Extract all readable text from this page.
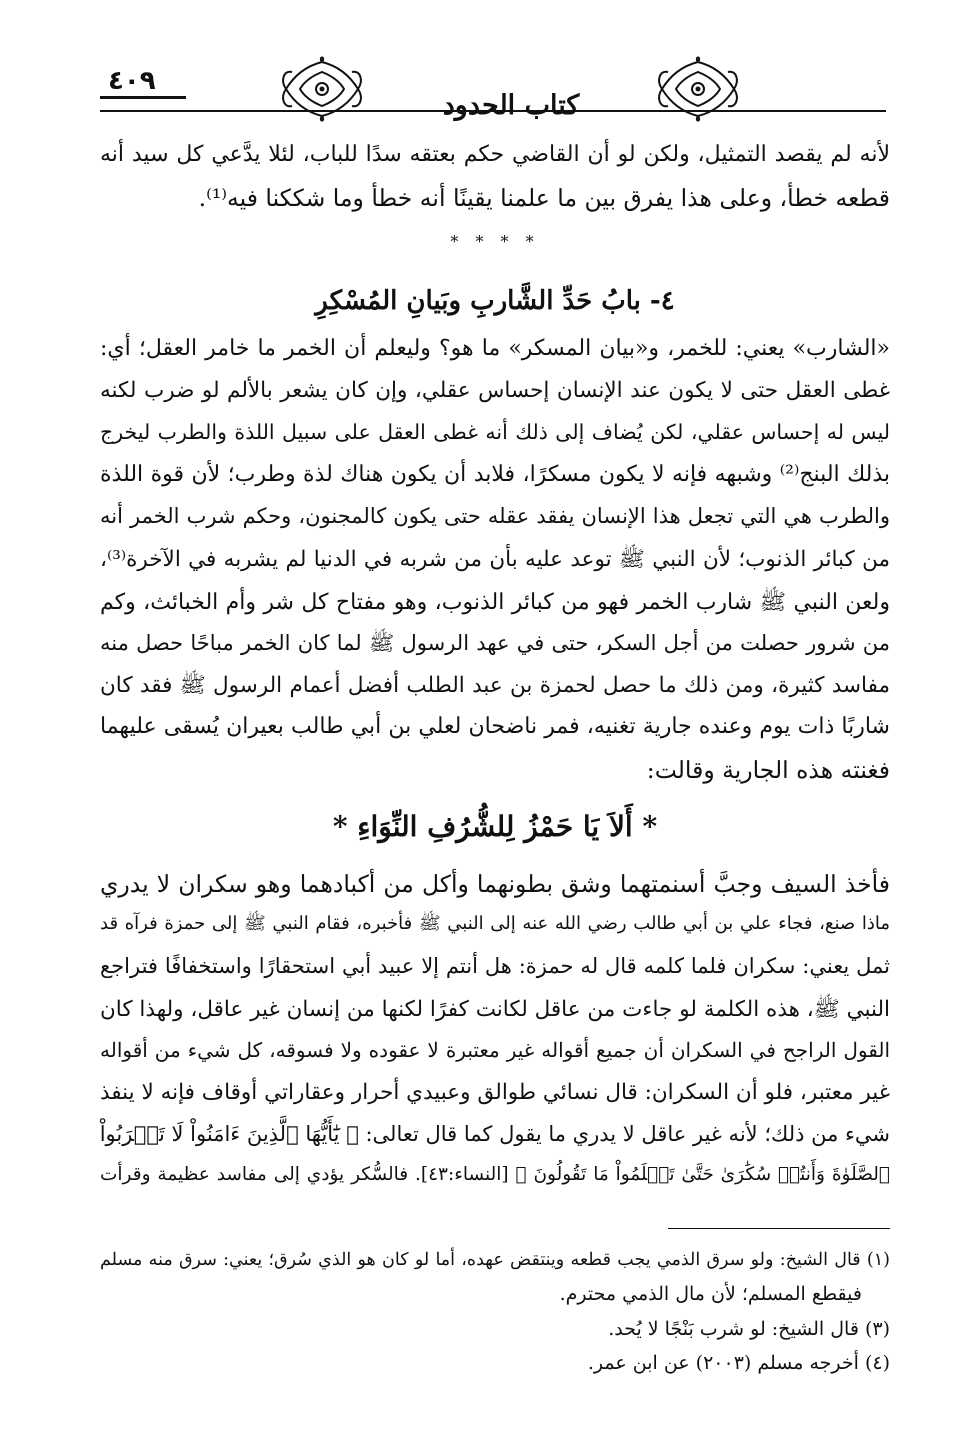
٤٠٩
كتاب الحدود
لأنه لم يقصد التمثيل، ولكن لو أن القاضي حكم بعتقه سدًا للباب، لئلا يدَّعي كل سيد أنه
قطعه خطأ، وعلى هذا يفرق بين ما علمنا يقينًا أنه خطأ وما شككنا فيه⁽¹⁾.
* * * *
٤- بابُ حَدِّ الشَّاربِ وبَيانِ المُسْكِرِ
«الشارب» يعني: للخمر، و«بيان المسكر» ما هو؟ وليعلم أن الخمر ما خامر العقل؛ أي:
غطى العقل حتى لا يكون عند الإنسان إحساس عقلي، وإن كان يشعر بالألم لو ضرب لكنه
ليس له إحساس عقلي، لكن يُضاف إلى ذلك أنه غطى العقل على سبيل اللذة والطرب ليخرج
بذلك البنج⁽²⁾ وشبهه فإنه لا يكون مسكرًا، فلابد أن يكون هناك لذة وطرب؛ لأن قوة اللذة
والطرب هي التي تجعل هذا الإنسان يفقد عقله حتى يكون كالمجنون، وحكم شرب الخمر أنه
من كبائر الذنوب؛ لأن النبي ﷺ توعد عليه بأن من شربه في الدنيا لم يشربه في الآخرة⁽³⁾،
ولعن النبي ﷺ شارب الخمر فهو من كبائر الذنوب، وهو مفتاح كل شر وأم الخبائث، وكم
من شرور حصلت من أجل السكر، حتى في عهد الرسول ﷺ لما كان الخمر مباحًا حصل منه
مفاسد كثيرة، ومن ذلك ما حصل لحمزة بن عبد الطلب أفضل أعمام الرسول ﷺ فقد كان
شاربًا ذات يوم وعنده جارية تغنيه، فمر ناضحان لعلي بن أبي طالب بعيران يُسقى عليهما
فغنته هذه الجارية وقالت:
* أَلاَ يَا حَمْزُ لِلشُّرُفِ النِّوَاءِ *
فأخذ السيف وجبَّ أسنمتهما وشق بطونهما وأكل من أكبادهما وهو سكران لا يدري
ماذا صنع، فجاء علي بن أبي طالب رضي الله عنه إلى النبي ﷺ فأخبره، فقام النبي ﷺ إلى حمزة فرآه قد
ثمل يعني: سكران فلما كلمه قال له حمزة: هل أنتم إلا عبيد أبي استحقارًا واستخفافًا فتراجع
النبي ﷺ، هذه الكلمة لو جاءت من عاقل لكانت كفرًا لكنها من إنسان غير عاقل، ولهذا كان
القول الراجح في السكران أن جميع أقواله غير معتبرة لا عقوده ولا فسوقه، كل شيء من أقواله
غير معتبر، فلو أن السكران: قال نسائي طوالق وعبيدي أحرار وعقاراتي أوقاف فإنه لا ينفذ
شيء من ذلك؛ لأنه غير عاقل لا يدري ما يقول كما قال تعالى: ﴿ يَٰٓأَيُّهَا ٱلَّذِينَ ءَامَنُواْ لَا تَقۡرَبُواْ
ٱلصَّلَوٰةَ وَأَنتُمۡ سُكَٰرَىٰ حَتَّىٰ تَعۡلَمُواْ مَا تَقُولُونَ ﴾ [النساء:٤٣]. فالسُّكر يؤدي إلى مفاسد عظيمة وقرأت
(١) قال الشيخ: ولو سرق الذمي يجب قطعه وينتقض عهده، أما لو كان هو الذي سُرق؛ يعني: سرق منه مسلم
فيقطع المسلم؛ لأن مال الذمي محترم.
(٣) قال الشيخ: لو شرب بَنْجًا لا يُحد.
(٤) أخرجه مسلم (٢٠٠٣) عن ابن عمر.
